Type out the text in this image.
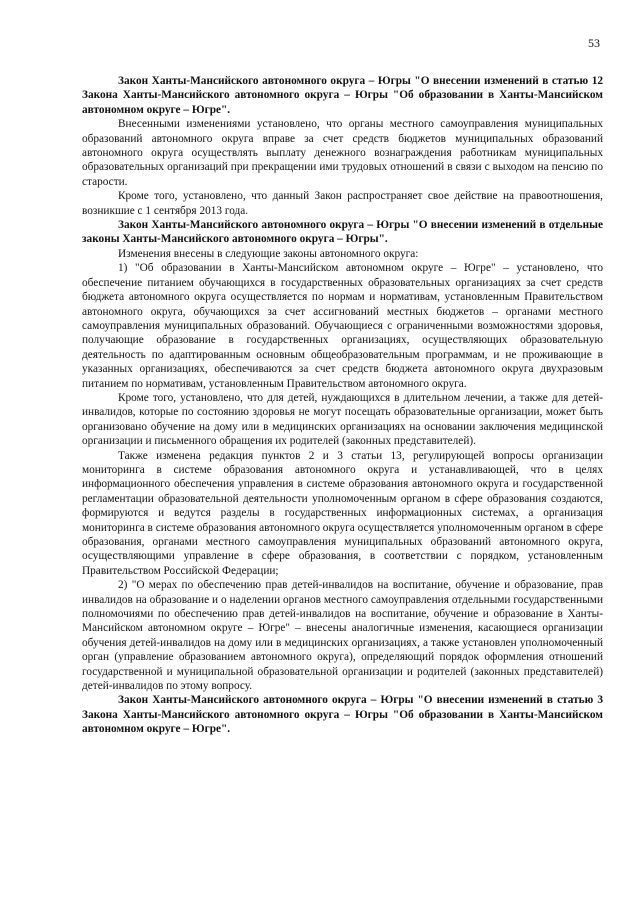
53

Закон Ханты-Мансийского автономного округа – Югры "О внесении изменений в статью 12 Закона Ханты-Мансийского автономного округа – Югры "Об образовании в Ханты-Мансийском автономном округе – Югре".

Внесенными изменениями установлено, что органы местного самоуправления муниципальных образований автономного округа вправе за счет средств бюджетов муниципальных образований автономного округа осуществлять выплату денежного вознаграждения работникам муниципальных образовательных организаций при прекращении ими трудовых отношений в связи с выходом на пенсию по старости.

Кроме того, установлено, что данный Закон распространяет свое действие на правоотношения, возникшие с 1 сентября 2013 года.

Закон Ханты-Мансийского автономного округа – Югры "О внесении изменений в отдельные законы Ханты-Мансийского автономного округа – Югры".

Изменения внесены в следующие законы автономного округа:

1) "Об образовании в Ханты-Мансийском автономном округе – Югре" – установлено, что обеспечение питанием обучающихся в государственных образовательных организациях за счет средств бюджета автономного округа осуществляется по нормам и нормативам, установленным Правительством автономного округа, обучающихся за счет ассигнований местных бюджетов – органами местного самоуправления муниципальных образований. Обучающиеся с ограниченными возможностями здоровья, получающие образование в государственных организациях, осуществляющих образовательную деятельность по адаптированным основным общеобразовательным программам, и не проживающие в указанных организациях, обеспечиваются за счет средств бюджета автономного округа двухразовым питанием по нормативам, установленным Правительством автономного округа.

Кроме того, установлено, что для детей, нуждающихся в длительном лечении, а также для детей-инвалидов, которые по состоянию здоровья не могут посещать образовательные организации, может быть организовано обучение на дому или в медицинских организациях на основании заключения медицинской организации и письменного обращения их родителей (законных представителей).

Также изменена редакция пунктов 2 и 3 статьи 13, регулирующей вопросы организации мониторинга в системе образования автономного округа и устанавливающей, что в целях информационного обеспечения управления в системе образования автономного округа и государственной регламентации образовательной деятельности уполномоченным органом в сфере образования создаются, формируются и ведутся разделы в государственных информационных системах, а организация мониторинга в системе образования автономного округа осуществляется уполномоченным органом в сфере образования, органами местного самоуправления муниципальных образований автономного округа, осуществляющими управление в сфере образования, в соответствии с порядком, установленным Правительством Российской Федерации;

2) "О мерах по обеспечению прав детей-инвалидов на воспитание, обучение и образование, прав инвалидов на образование и о наделении органов местного самоуправления отдельными государственными полномочиями по обеспечению прав детей-инвалидов на воспитание, обучение и образование в Ханты-Мансийском автономном округе – Югре" – внесены аналогичные изменения, касающиеся организации обучения детей-инвалидов на дому или в медицинских организациях, а также установлен уполномоченный орган (управление образованием автономного округа), определяющий порядок оформления отношений государственной и муниципальной образовательной организации и родителей (законных представителей) детей-инвалидов по этому вопросу.

Закон Ханты-Мансийского автономного округа – Югры "О внесении изменений в статью 3 Закона Ханты-Мансийского автономного округа – Югры "Об образовании в Ханты-Мансийском автономном округе – Югре".
